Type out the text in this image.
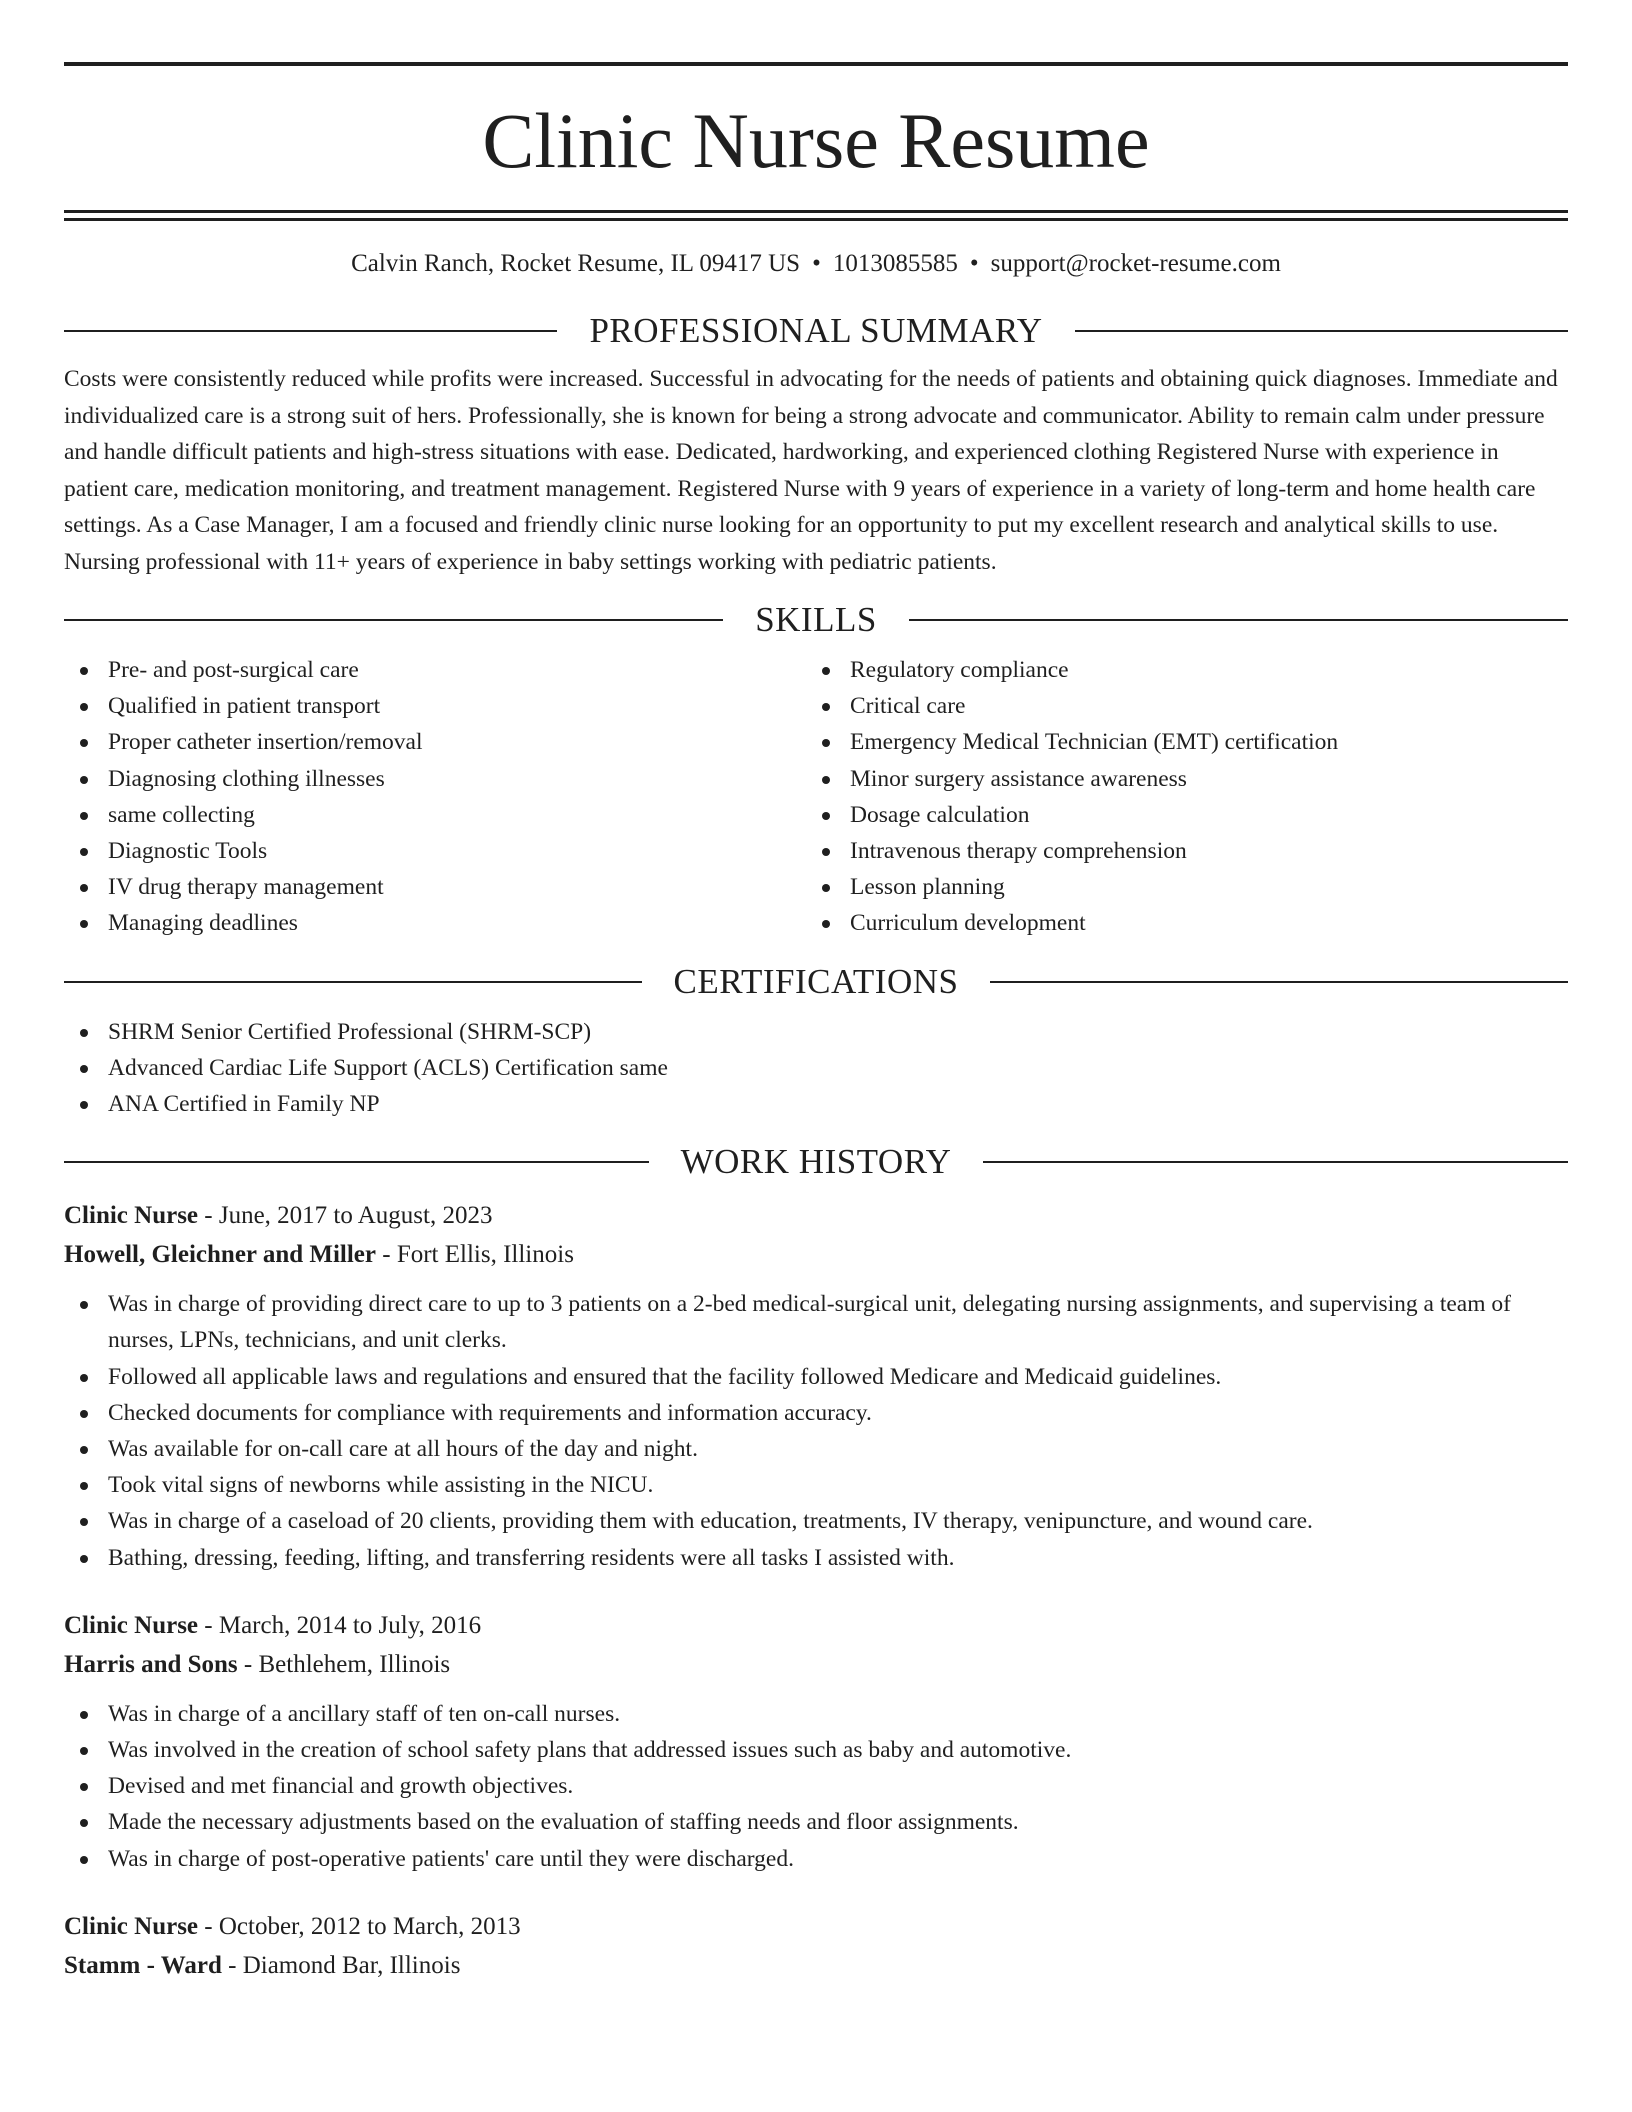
Clinic Nurse Resume
Calvin Ranch, Rocket Resume, IL 09417 US • 1013085585 • support@rocket-resume.com
PROFESSIONAL SUMMARY
Costs were consistently reduced while profits were increased. Successful in advocating for the needs of patients and obtaining quick diagnoses. Immediate and individualized care is a strong suit of hers. Professionally, she is known for being a strong advocate and communicator. Ability to remain calm under pressure and handle difficult patients and high-stress situations with ease. Dedicated, hardworking, and experienced clothing Registered Nurse with experience in patient care, medication monitoring, and treatment management. Registered Nurse with 9 years of experience in a variety of long-term and home health care settings. As a Case Manager, I am a focused and friendly clinic nurse looking for an opportunity to put my excellent research and analytical skills to use. Nursing professional with 11+ years of experience in baby settings working with pediatric patients.
SKILLS
Pre- and post-surgical care
Qualified in patient transport
Proper catheter insertion/removal
Diagnosing clothing illnesses
same collecting
Diagnostic Tools
IV drug therapy management
Managing deadlines
Regulatory compliance
Critical care
Emergency Medical Technician (EMT) certification
Minor surgery assistance awareness
Dosage calculation
Intravenous therapy comprehension
Lesson planning
Curriculum development
CERTIFICATIONS
SHRM Senior Certified Professional (SHRM-SCP)
Advanced Cardiac Life Support (ACLS) Certification same
ANA Certified in Family NP
WORK HISTORY
Clinic Nurse - June, 2017 to August, 2023
Howell, Gleichner and Miller - Fort Ellis, Illinois
Was in charge of providing direct care to up to 3 patients on a 2-bed medical-surgical unit, delegating nursing assignments, and supervising a team of nurses, LPNs, technicians, and unit clerks.
Followed all applicable laws and regulations and ensured that the facility followed Medicare and Medicaid guidelines.
Checked documents for compliance with requirements and information accuracy.
Was available for on-call care at all hours of the day and night.
Took vital signs of newborns while assisting in the NICU.
Was in charge of a caseload of 20 clients, providing them with education, treatments, IV therapy, venipuncture, and wound care.
Bathing, dressing, feeding, lifting, and transferring residents were all tasks I assisted with.
Clinic Nurse - March, 2014 to July, 2016
Harris and Sons - Bethlehem, Illinois
Was in charge of a ancillary staff of ten on-call nurses.
Was involved in the creation of school safety plans that addressed issues such as baby and automotive.
Devised and met financial and growth objectives.
Made the necessary adjustments based on the evaluation of staffing needs and floor assignments.
Was in charge of post-operative patients' care until they were discharged.
Clinic Nurse - October, 2012 to March, 2013
Stamm - Ward - Diamond Bar, Illinois
